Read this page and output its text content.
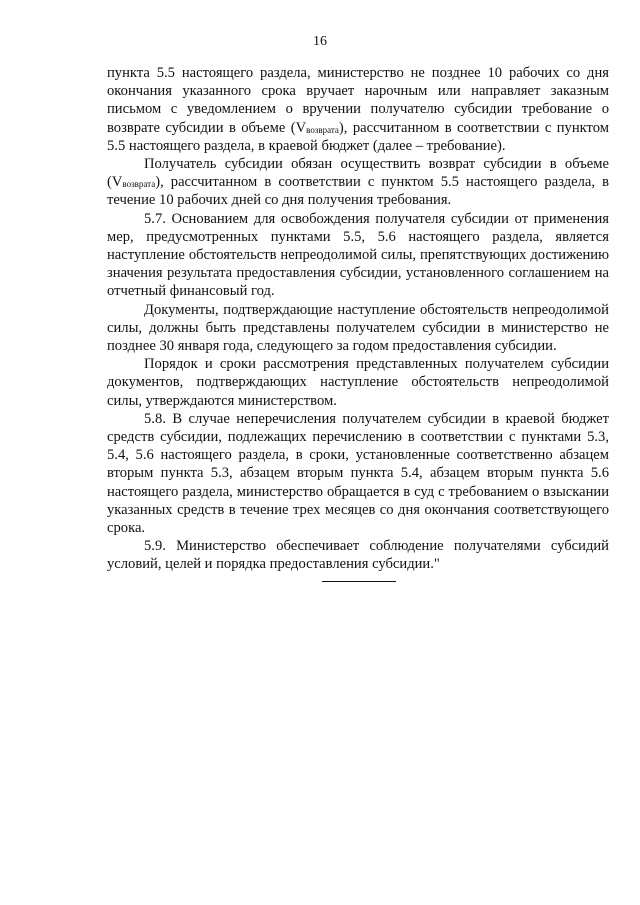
16

пункта 5.5 настоящего раздела, министерство не позднее 10 рабочих со дня окончания указанного срока вручает нарочным или направляет заказным письмом с уведомлением о вручении получателю субсидии требование о возврате субсидии в объеме $(V_{возврата})$, рассчитанном в соответствии с пунктом 5.5 настоящего раздела, в краевой бюджет (далее – требование).

Получатель субсидии обязан осуществить возврат субсидии в объеме $(V_{возврата})$, рассчитанном в соответствии с пунктом 5.5 настоящего раздела, в течение 10 рабочих дней со дня получения требования.

5.7. Основанием для освобождения получателя субсидии от применения мер, предусмотренных пунктами 5.5, 5.6 настоящего раздела, является наступление обстоятельств непреодолимой силы, препятствующих достижению значения результата предоставления субсидии, установленного соглашением на отчетный финансовый год.

Документы, подтверждающие наступление обстоятельств непреодолимой силы, должны быть представлены получателем субсидии в министерство не позднее 30 января года, следующего за годом предоставления субсидии.

Порядок и сроки рассмотрения представленных получателем субсидии документов, подтверждающих наступление обстоятельств непреодолимой силы, утверждаются министерством.

5.8. В случае неперечисления получателем субсидии в краевой бюджет средств субсидии, подлежащих перечислению в соответствии с пунктами 5.3, 5.4, 5.6 настоящего раздела, в сроки, установленные соответственно абзацем вторым пункта 5.3, абзацем вторым пункта 5.4, абзацем вторым пункта 5.6 настоящего раздела, министерство обращается в суд с требованием о взыскании указанных средств в течение трех месяцев со дня окончания соответствующего срока.

5.9. Министерство обеспечивает соблюдение получателями субсидий условий, целей и порядка предоставления субсидии."
